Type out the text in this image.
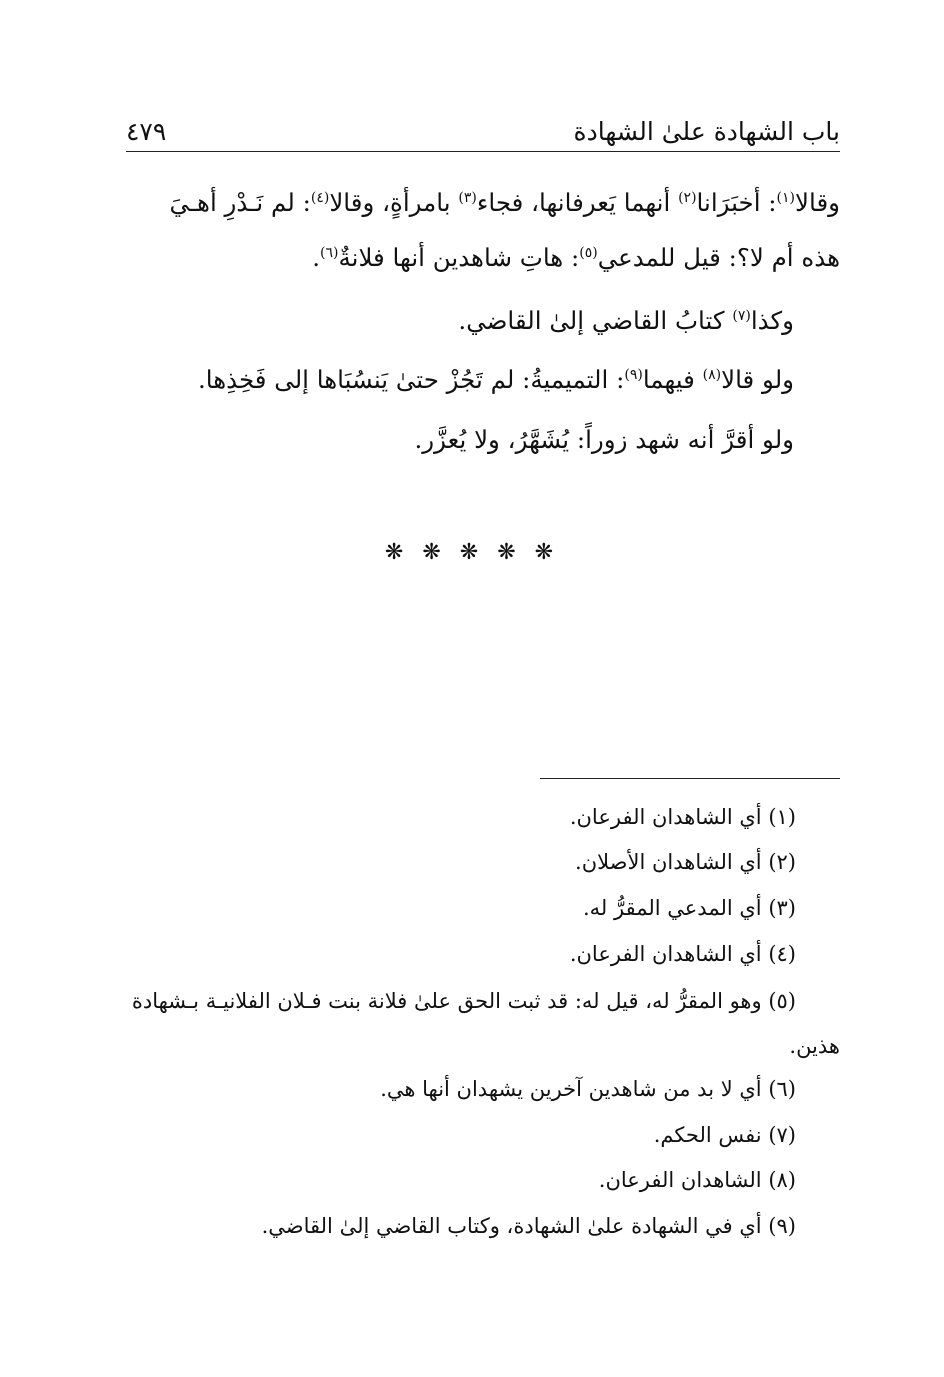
٤٧٩	باب الشهادة علىٰ الشهادة
وقالا$^{(١)}$: أخبَرَانا$^{(٢)}$ أنهما يَعرفانها، فجاء$^{(٣)}$ بامرأةٍ، وقالا$^{(٤)}$: لم نَـدْرِ أهـيَ
هذه أم لا؟: قيل للمدعي$^{(٥)}$: هاتِ شاهدين أنها فلانةٌ$^{(٦)}$.
وكذا$^{(٧)}$ كتابُ القاضي إلىٰ القاضي.
ولو قالا$^{(٨)}$ فيهما$^{(٩)}$: التميميةُ: لم تَجُزْ حتىٰ يَنسُبَاها إلى فَخِذِها.
ولو أقرَّ أنه شهد زوراً: يُشَهَّرُ، ولا يُعزَّر.
❋ ❋ ❋ ❋ ❋
(١) أي الشاهدان الفرعان.
(٢) أي الشاهدان الأصلان.
(٣) أي المدعي المقرُّ له.
(٤) أي الشاهدان الفرعان.
(٥) وهو المقرُّ له، قيل له: قد ثبت الحق علىٰ فلانة بنت فـلان الفلانيـة بـشهادة
هذين.
(٦) أي لا بد من شاهدين آخرين يشهدان أنها هي.
(٧) نفس الحكم.
(٨) الشاهدان الفرعان.
(٩) أي في الشهادة علىٰ الشهادة، وكتاب القاضي إلىٰ القاضي.
